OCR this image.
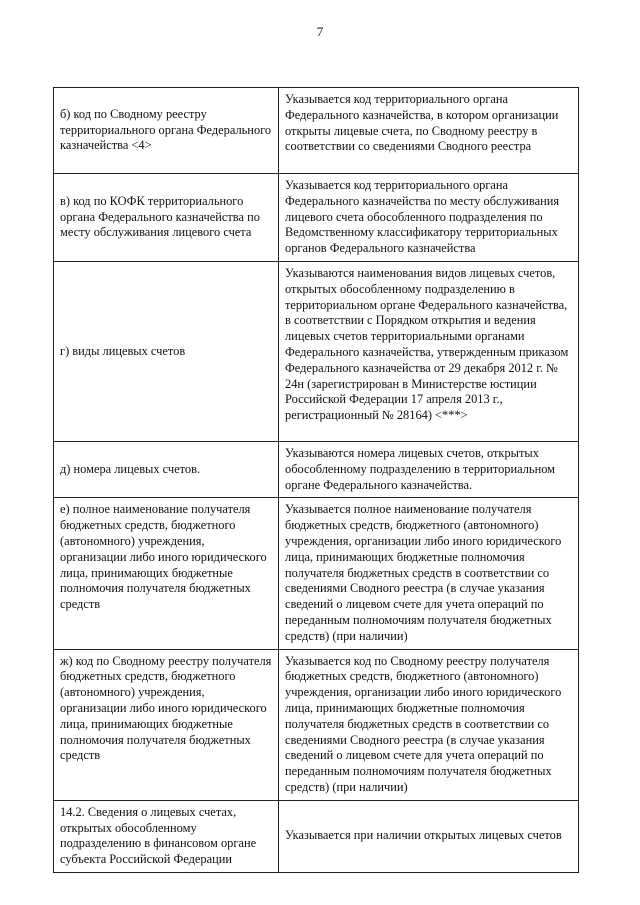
7
б) код по Сводному реестру территориального органа Федерального казначейства <4>	Указывается код территориального органа Федерального казначейства, в котором организации открыты лицевые счета, по Сводному реестру в соответствии со сведениями Сводного реестра
в) код по КОФК территориального органа Федерального казначейства по месту обслуживания лицевого счета	Указывается код территориального органа Федерального казначейства по месту обслуживания лицевого счета обособленного подразделения по Ведомственному классификатору территориальных органов Федерального казначейства
г) виды лицевых счетов	Указываются наименования видов лицевых счетов, открытых обособленному подразделению в территориальном органе Федерального казначейства, в соответствии с Порядком открытия и ведения лицевых счетов территориальными органами Федерального казначейства, утвержденным приказом Федерального казначейства от 29 декабря 2012 г. № 24н (зарегистрирован в Министерстве юстиции Российской Федерации 17 апреля 2013 г., регистрационный № 28164) <***>
д) номера лицевых счетов.	Указываются номера лицевых счетов, открытых обособленному подразделению в территориальном органе Федерального казначейства.
е) полное наименование получателя бюджетных средств, бюджетного (автономного) учреждения, организации либо иного юридического лица, принимающих бюджетные полномочия получателя бюджетных средств	Указывается полное наименование получателя бюджетных средств, бюджетного (автономного) учреждения, организации либо иного юридического лица, принимающих бюджетные полномочия получателя бюджетных средств в соответствии со сведениями Сводного реестра (в случае указания сведений о лицевом счете для учета операций по переданным полномочиям получателя бюджетных средств) (при наличии)
ж) код по Сводному реестру получателя бюджетных средств, бюджетного (автономного) учреждения, организации либо иного юридического лица, принимающих бюджетные полномочия получателя бюджетных средств	Указывается код по Сводному реестру получателя бюджетных средств, бюджетного (автономного) учреждения, организации либо иного юридического лица, принимающих бюджетные полномочия получателя бюджетных средств в соответствии со сведениями Сводного реестра (в случае указания сведений о лицевом счете для учета операций по переданным полномочиям получателя бюджетных средств) (при наличии)
14.2. Сведения о лицевых счетах, открытых обособленному подразделению в финансовом органе субъекта Российской Федерации	Указывается при наличии открытых лицевых счетов
